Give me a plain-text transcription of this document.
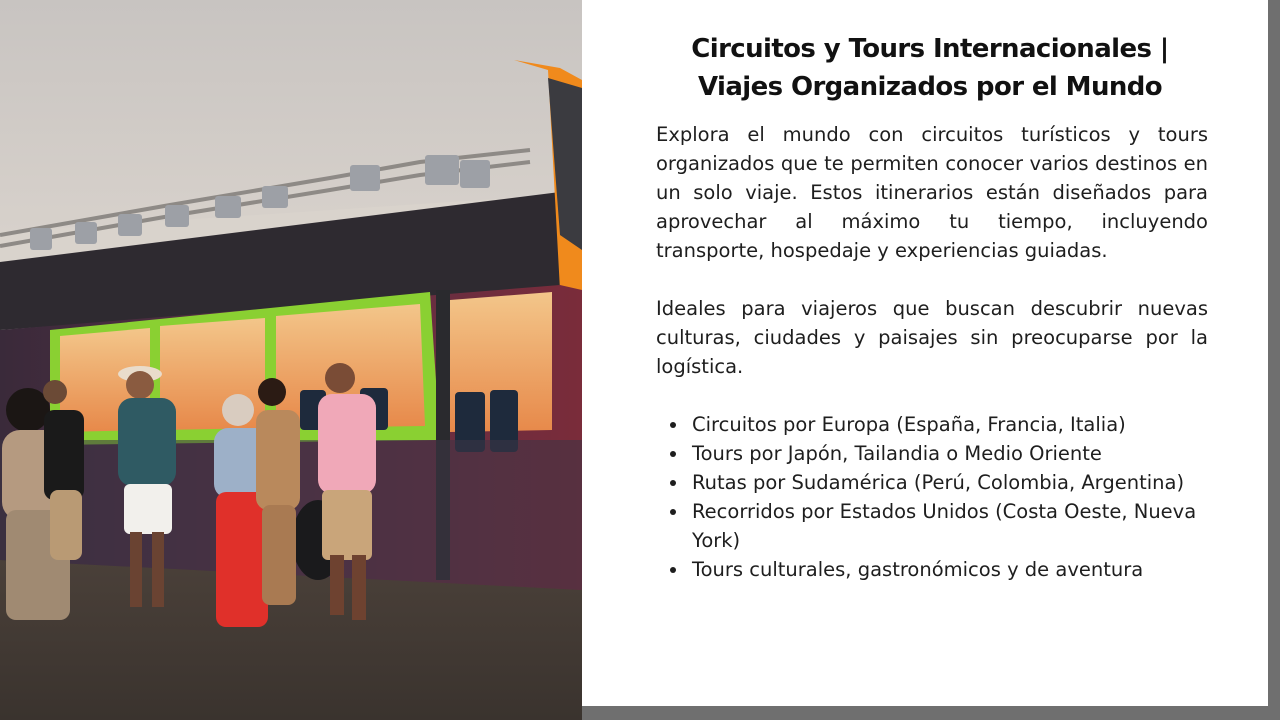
Circuitos y Tours Internacionales |
Viajes Organizados por el Mundo

Explora el mundo con circuitos turísticos y tours organizados que te permiten conocer varios destinos en un solo viaje. Estos itinerarios están diseñados para aprovechar al máximo tu tiempo, incluyendo transporte, hospedaje y experiencias guiadas.

Ideales para viajeros que buscan descubrir nuevas culturas, ciudades y paisajes sin preocuparse por la logística.

Circuitos por Europa (España, Francia, Italia)
Tours por Japón, Tailandia o Medio Oriente
Rutas por Sudamérica (Perú, Colombia, Argentina)
Recorridos por Estados Unidos (Costa Oeste, Nueva York)
Tours culturales, gastronómicos y de aventura
